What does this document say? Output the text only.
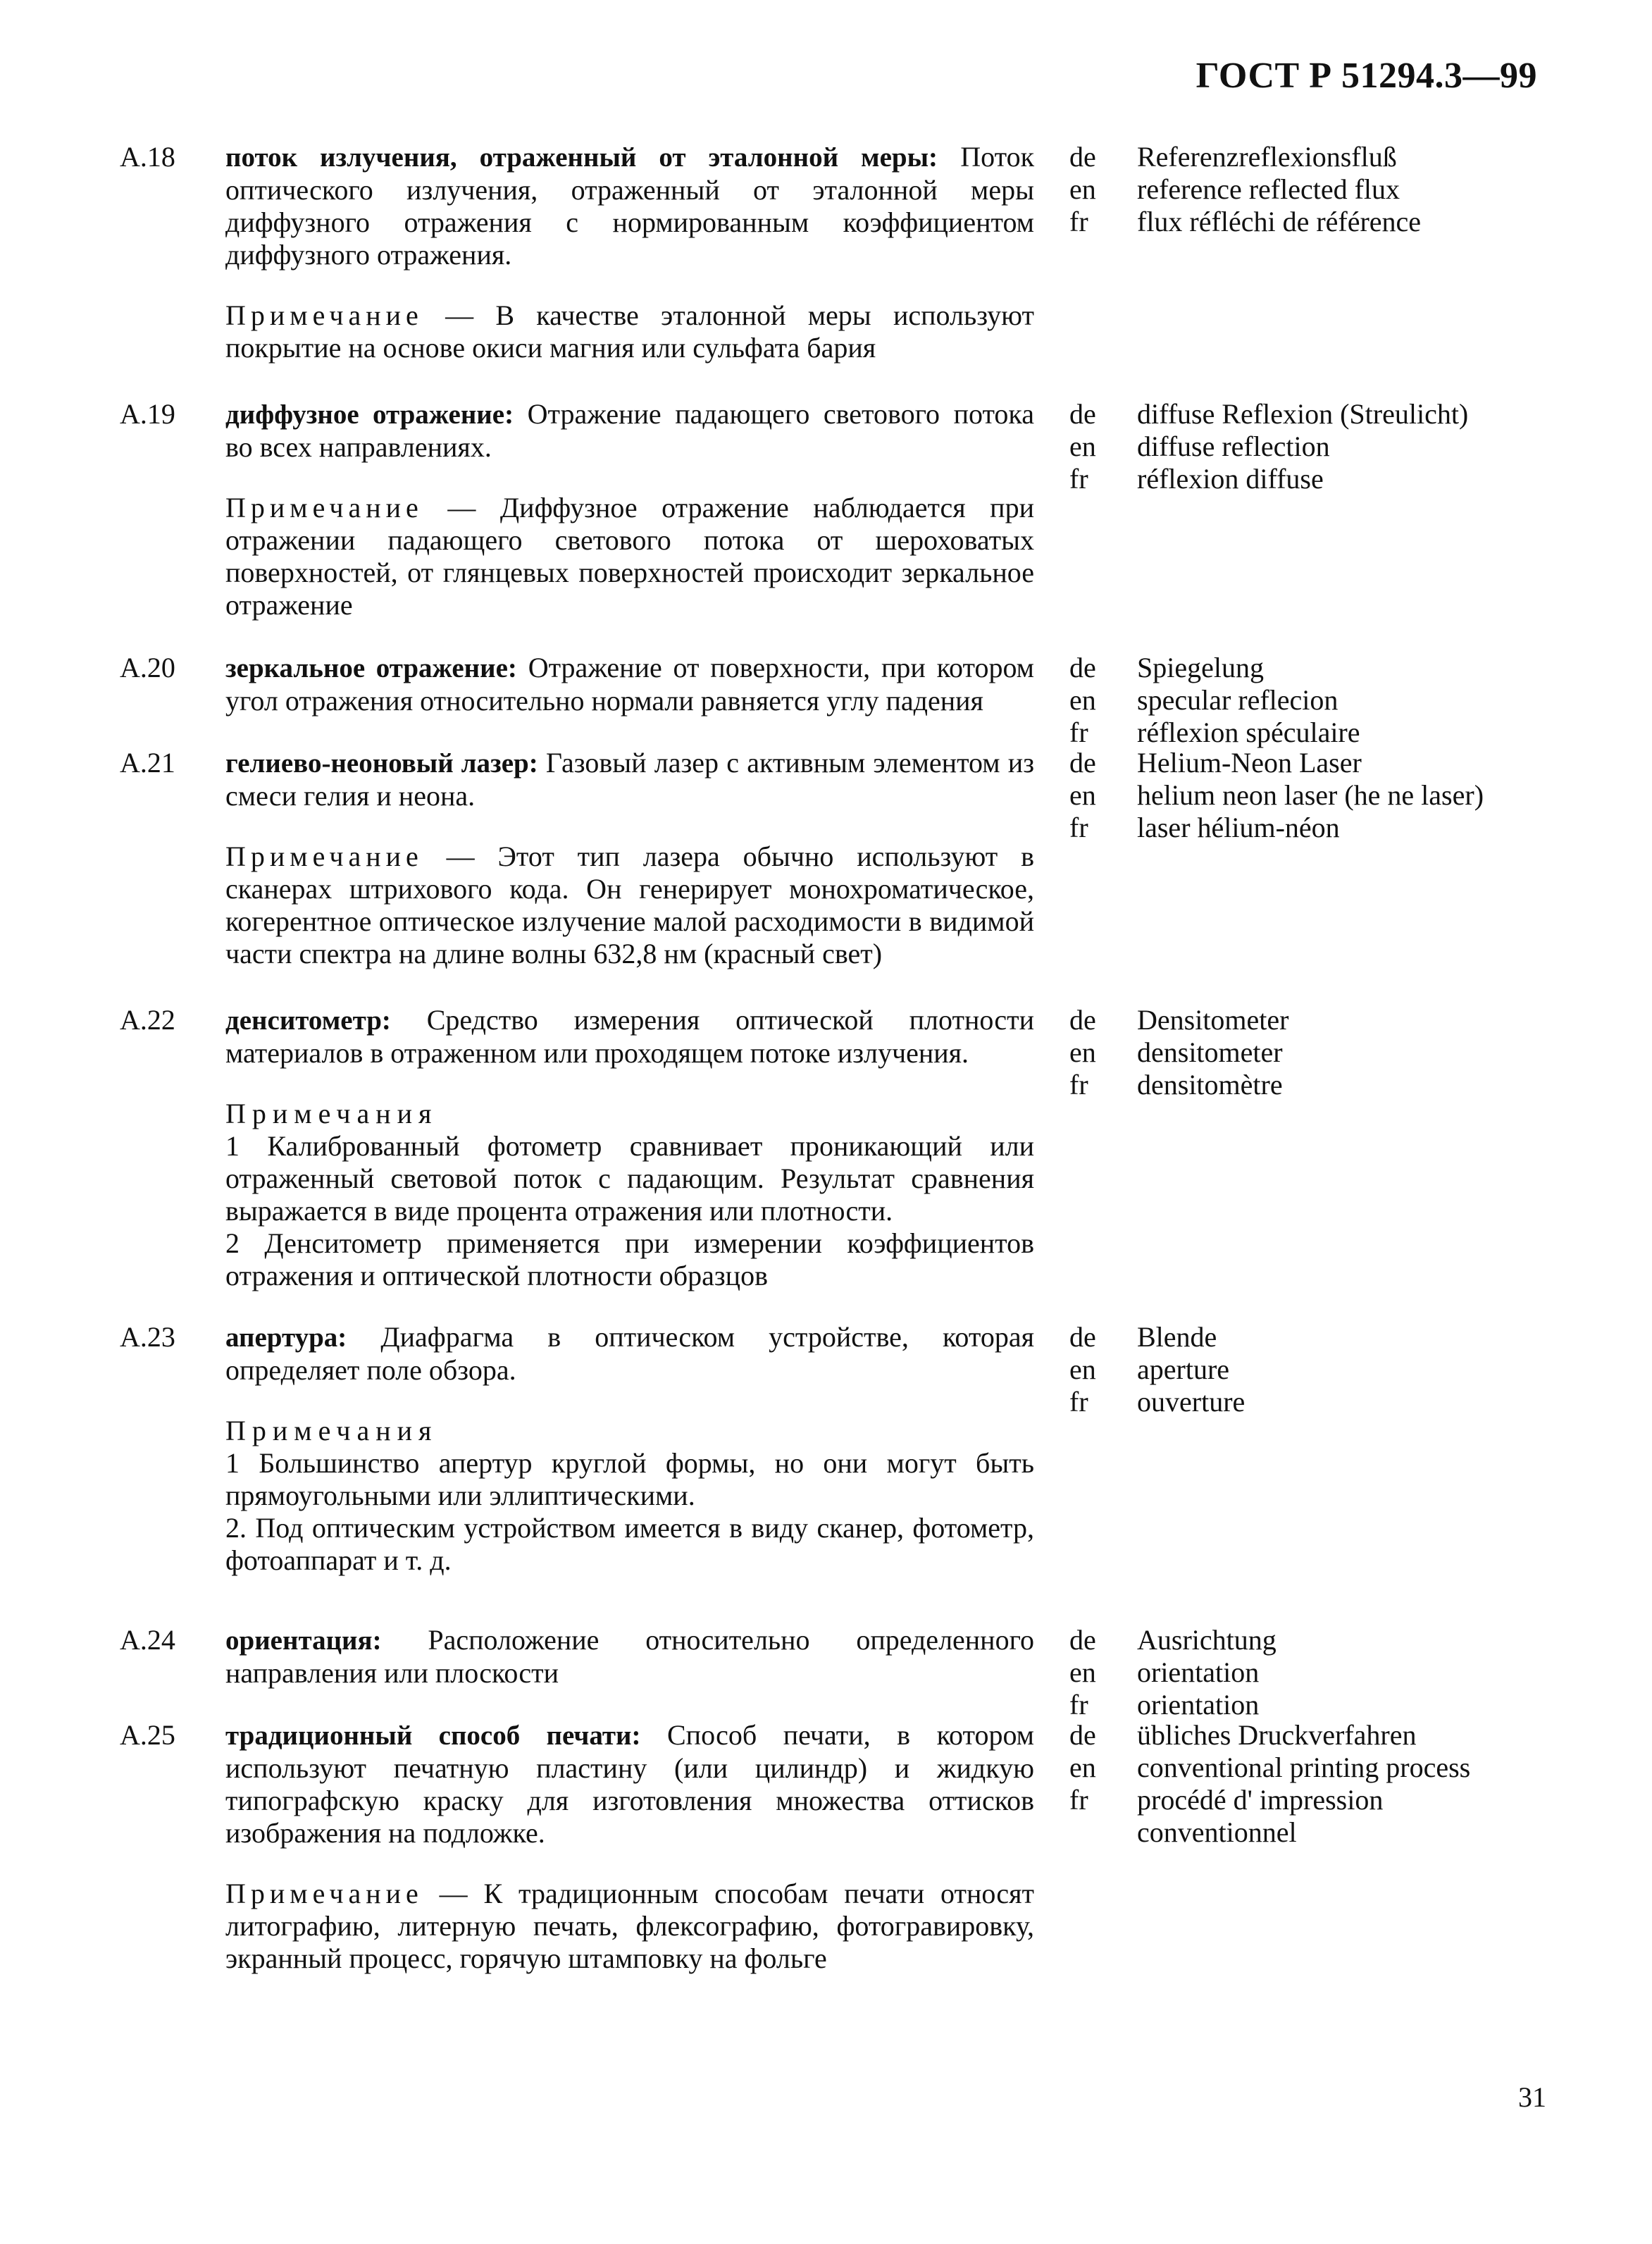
ГОСТ Р 51294.3—99
А.18 поток излучения, отраженный от эталонной меры: Поток оптического излучения, отраженный от эталонной меры диффузного отражения с нормированным коэффициентом диффузного отражения.
Примечание — В качестве эталонной меры используют покрытие на основе окиси магния или сульфата бария
de	Referenzreflexionsfluß
en	reference reflected flux
fr	flux réfléchi de référence
А.19 диффузное отражение: Отражение падающего светового потока во всех направлениях.
Примечание — Диффузное отражение наблюдается при отражении падающего светового потока от шероховатых поверхностей, от глянцевых поверхностей происходит зеркальное отражение
de	diffuse Reflexion (Streulicht)
en	diffuse reflection
fr	réflexion diffuse
А.20 зеркальное отражение: Отражение от поверхности, при котором угол отражения относительно нормали равняется углу падения
de	Spiegelung
en	specular reflecion
fr	réflexion spéculaire
А.21 гелиево-неоновый лазер: Газовый лазер с активным элементом из смеси гелия и неона.
Примечание — Этот тип лазера обычно используют в сканерах штрихового кода. Он генерирует монохроматическое, когерентное оптическое излучение малой расходимости в видимой части спектра на длине волны 632,8 нм (красный свет)
de	Helium-Neon Laser
en	helium neon laser (he ne laser)
fr	laser hélium-néon
А.22 денситометр: Средство измерения оптической плотности материалов в отраженном или проходящем потоке излучения.
Примечания
1 Калиброванный фотометр сравнивает проникающий или отраженный световой поток с падающим. Результат сравнения выражается в виде процента отражения или плотности.
2 Денситометр применяется при измерении коэффициентов отражения и оптической плотности образцов
de	Densitometer
en	densitometer
fr	densitomètre
А.23 апертура: Диафрагма в оптическом устройстве, которая определяет поле обзора.
Примечания
1 Большинство апертур круглой формы, но они могут быть прямоугольными или эллиптическими.
2. Под оптическим устройством имеется в виду сканер, фотометр, фотоаппарат и т. д.
de	Blende
en	aperture
fr	ouverture
А.24 ориентация: Расположение относительно определенного направления или плоскости
de	Ausrichtung
en	orientation
fr	orientation
А.25 традиционный способ печати: Способ печати, в котором используют печатную пластину (или цилиндр) и жидкую типографскую краску для изготовления множества оттисков изображения на подложке.
Примечание — К традиционным способам печати относят литографию, литерную печать, флексографию, фотогравировку, экранный процесс, горячую штамповку на фольге
de	übliches Druckverfahren
en	conventional printing process
fr	procédé d' impression conventionnel
31
